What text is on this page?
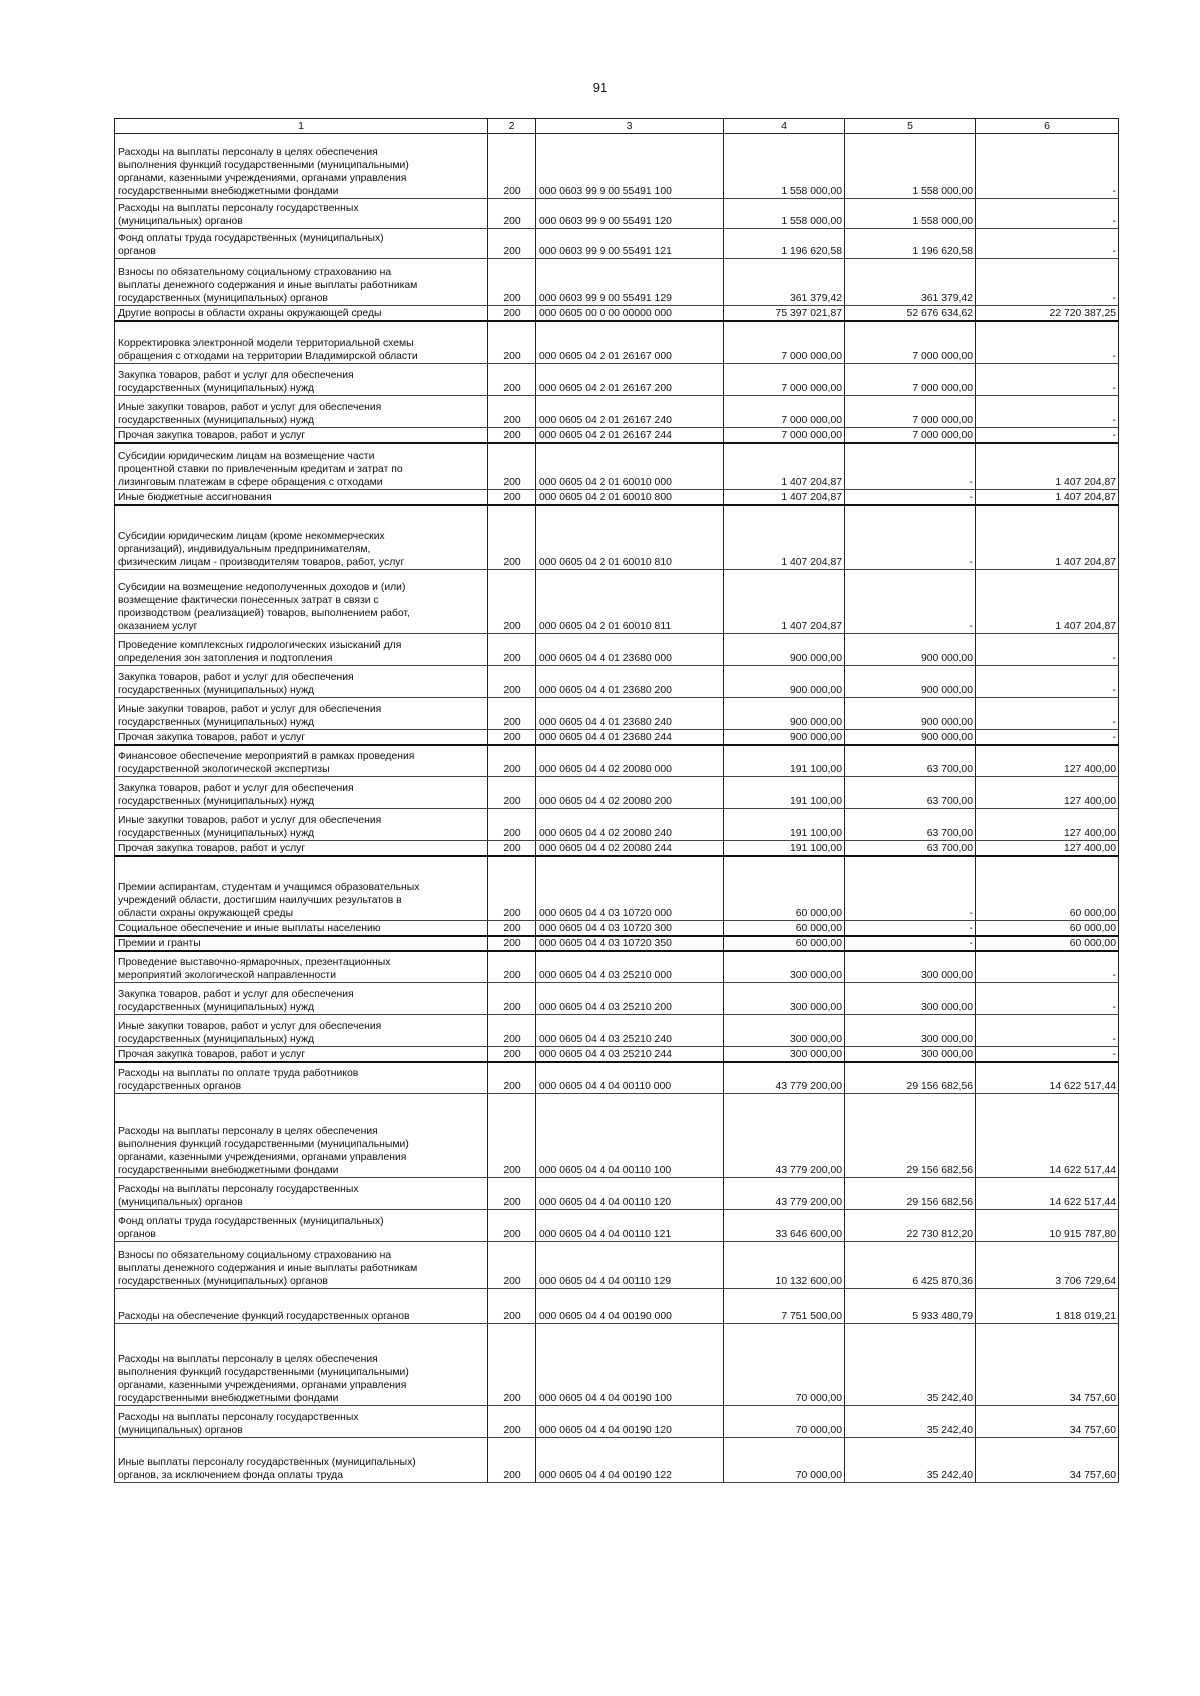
91
1	2	3	4	5	6
Расходы на выплаты персоналу в целях обеспечения
выполнения функций государственными (муниципальными)
органами, казенными учреждениями, органами управления
государственными внебюджетными фондами	200	000 0603 99 9 00 55491 100	1 558 000,00	1 558 000,00	-
Расходы на выплаты персоналу государственных
(муниципальных) органов	200	000 0603 99 9 00 55491 120	1 558 000,00	1 558 000,00	-
Фонд оплаты труда государственных (муниципальных)
органов	200	000 0603 99 9 00 55491 121	1 196 620,58	1 196 620,58	-
Взносы по обязательному социальному страхованию на
выплаты денежного содержания и иные выплаты работникам
государственных (муниципальных) органов	200	000 0603 99 9 00 55491 129	361 379,42	361 379,42	-
Другие вопросы в области охраны окружающей среды	200	000 0605 00 0 00 00000 000	75 397 021,87	52 676 634,62	22 720 387,25
Корректировка электронной модели территориальной схемы
обращения с отходами на территории Владимирской области	200	000 0605 04 2 01 26167 000	7 000 000,00	7 000 000,00	-
Закупка товаров, работ и услуг для обеспечения
государственных (муниципальных) нужд	200	000 0605 04 2 01 26167 200	7 000 000,00	7 000 000,00	-
Иные закупки товаров, работ и услуг для обеспечения
государственных (муниципальных) нужд	200	000 0605 04 2 01 26167 240	7 000 000,00	7 000 000,00	-
Прочая закупка товаров, работ и услуг	200	000 0605 04 2 01 26167 244	7 000 000,00	7 000 000,00	-
Субсидии юридическим лицам на возмещение части
процентной ставки по привлеченным кредитам и затрат по
лизинговым платежам в сфере обращения с отходами	200	000 0605 04 2 01 60010 000	1 407 204,87	-	1 407 204,87
Иные бюджетные ассигнования	200	000 0605 04 2 01 60010 800	1 407 204,87	-	1 407 204,87
Субсидии юридическим лицам (кроме некоммерческих
организаций), индивидуальным предпринимателям,
физическим лицам - производителям товаров, работ, услуг	200	000 0605 04 2 01 60010 810	1 407 204,87	-	1 407 204,87
Субсидии на возмещение недополученных доходов и (или)
возмещение фактически понесенных затрат в связи с
производством (реализацией) товаров, выполнением работ,
оказанием услуг	200	000 0605 04 2 01 60010 811	1 407 204,87	-	1 407 204,87
Проведение комплексных гидрологических изысканий для
определения зон затопления и подтопления	200	000 0605 04 4 01 23680 000	900 000,00	900 000,00	-
Закупка товаров, работ и услуг для обеспечения
государственных (муниципальных) нужд	200	000 0605 04 4 01 23680 200	900 000,00	900 000,00	-
Иные закупки товаров, работ и услуг для обеспечения
государственных (муниципальных) нужд	200	000 0605 04 4 01 23680 240	900 000,00	900 000,00	-
Прочая закупка товаров, работ и услуг	200	000 0605 04 4 01 23680 244	900 000,00	900 000,00	-
Финансовое обеспечение мероприятий в рамках проведения
государственной экологической экспертизы	200	000 0605 04 4 02 20080 000	191 100,00	63 700,00	127 400,00
Закупка товаров, работ и услуг для обеспечения
государственных (муниципальных) нужд	200	000 0605 04 4 02 20080 200	191 100,00	63 700,00	127 400,00
Иные закупки товаров, работ и услуг для обеспечения
государственных (муниципальных) нужд	200	000 0605 04 4 02 20080 240	191 100,00	63 700,00	127 400,00
Прочая закупка товаров, работ и услуг	200	000 0605 04 4 02 20080 244	191 100,00	63 700,00	127 400,00
Премии аспирантам, студентам и учащимся образовательных
учреждений области, достигшим наилучших результатов в
области охраны окружающей среды	200	000 0605 04 4 03 10720 000	60 000,00	-	60 000,00
Социальное обеспечение и иные выплаты населению	200	000 0605 04 4 03 10720 300	60 000,00	-	60 000,00
Премии и гранты	200	000 0605 04 4 03 10720 350	60 000,00	-	60 000,00
Проведение выставочно-ярмарочных, презентационных
мероприятий экологической направленности	200	000 0605 04 4 03 25210 000	300 000,00	300 000,00	-
Закупка товаров, работ и услуг для обеспечения
государственных (муниципальных) нужд	200	000 0605 04 4 03 25210 200	300 000,00	300 000,00	-
Иные закупки товаров, работ и услуг для обеспечения
государственных (муниципальных) нужд	200	000 0605 04 4 03 25210 240	300 000,00	300 000,00	-
Прочая закупка товаров, работ и услуг	200	000 0605 04 4 03 25210 244	300 000,00	300 000,00	-
Расходы на выплаты по оплате труда работников
государственных органов	200	000 0605 04 4 04 00110 000	43 779 200,00	29 156 682,56	14 622 517,44
Расходы на выплаты персоналу в целях обеспечения
выполнения функций государственными (муниципальными)
органами, казенными учреждениями, органами управления
государственными внебюджетными фондами	200	000 0605 04 4 04 00110 100	43 779 200,00	29 156 682,56	14 622 517,44
Расходы на выплаты персоналу государственных
(муниципальных) органов	200	000 0605 04 4 04 00110 120	43 779 200,00	29 156 682,56	14 622 517,44
Фонд оплаты труда государственных (муниципальных)
органов	200	000 0605 04 4 04 00110 121	33 646 600,00	22 730 812,20	10 915 787,80
Взносы по обязательному социальному страхованию на
выплаты денежного содержания и иные выплаты работникам
государственных (муниципальных) органов	200	000 0605 04 4 04 00110 129	10 132 600,00	6 425 870,36	3 706 729,64
Расходы на обеспечение функций государственных органов	200	000 0605 04 4 04 00190 000	7 751 500,00	5 933 480,79	1 818 019,21
Расходы на выплаты персоналу в целях обеспечения
выполнения функций государственными (муниципальными)
органами, казенными учреждениями, органами управления
государственными внебюджетными фондами	200	000 0605 04 4 04 00190 100	70 000,00	35 242,40	34 757,60
Расходы на выплаты персоналу государственных
(муниципальных) органов	200	000 0605 04 4 04 00190 120	70 000,00	35 242,40	34 757,60
Иные выплаты персоналу государственных (муниципальных)
органов, за исключением фонда оплаты труда	200	000 0605 04 4 04 00190 122	70 000,00	35 242,40	34 757,60
